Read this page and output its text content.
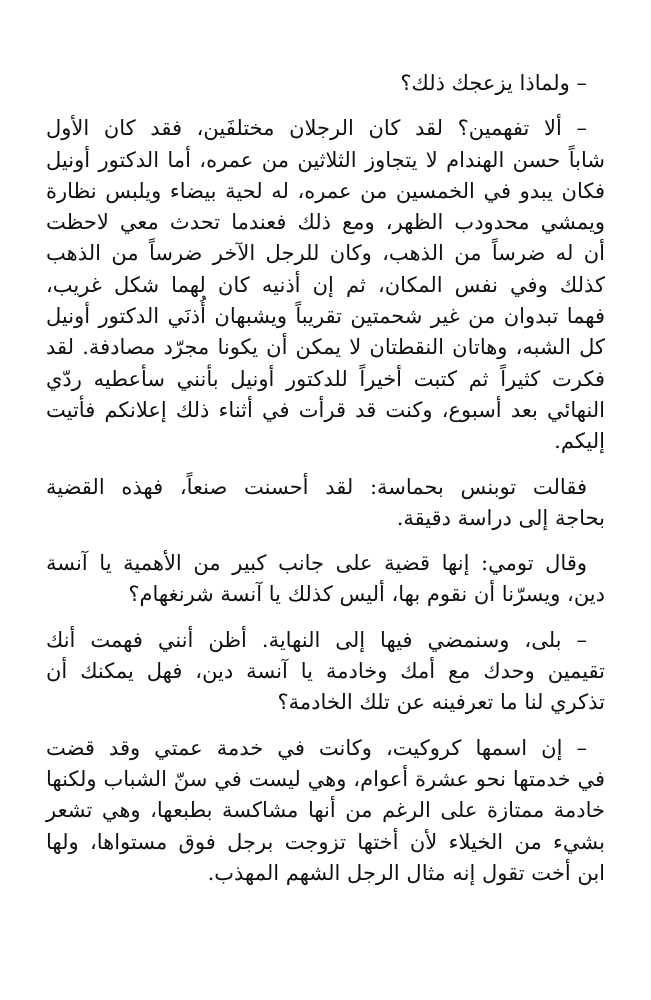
– ولماذا يزعجك ذلك؟

– ألا تفهمين؟ لقد كان الرجلان مختلفَين، فقد كان الأول
شاباً حسن الهندام لا يتجاوز الثلاثين من عمره، أما الدكتور أونيل
فكان يبدو في الخمسين من عمره، له لحية بيضاء ويلبس نظارة
ويمشي محدودب الظهر، ومع ذلك فعندما تحدث معي لاحظت
أن له ضرساً من الذهب، وكان للرجل الآخر ضرساً من الذهب
كذلك وفي نفس المكان، ثم إن أذنيه كان لهما شكل غريب،
فهما تبدوان من غير شحمتين تقريباً ويشبهان أُذنَي الدكتور أونيل
كل الشبه، وهاتان النقطتان لا يمكن أن يكونا مجرّد مصادفة. لقد
فكرت كثيراً ثم كتبت أخيراً للدكتور أونيل بأنني سأعطيه ردّي
النهائي بعد أسبوع، وكنت قد قرأت في أثناء ذلك إعلانكم فأتيت
إليكم.

فقالت توبنس بحماسة: لقد أحسنت صنعاً، فهذه القضية
بحاجة إلى دراسة دقيقة.

وقال تومي: إنها قضية على جانب كبير من الأهمية يا آنسة
دين، ويسرّنا أن نقوم بها، أليس كذلك يا آنسة شرنغهام؟

– بلى، وسنمضي فيها إلى النهاية. أظن أنني فهمت أنك
تقيمين وحدك مع أمك وخادمة يا آنسة دين، فهل يمكنك أن
تذكري لنا ما تعرفينه عن تلك الخادمة؟

– إن اسمها كروكيت، وكانت في خدمة عمتي وقد قضت
في خدمتها نحو عشرة أعوام، وهي ليست في سنّ الشباب ولكنها
خادمة ممتازة على الرغم من أنها مشاكسة بطبعها، وهي تشعر
بشيء من الخيلاء لأن أختها تزوجت برجل فوق مستواها، ولها
ابن أخت تقول إنه مثال الرجل الشهم المهذب.
